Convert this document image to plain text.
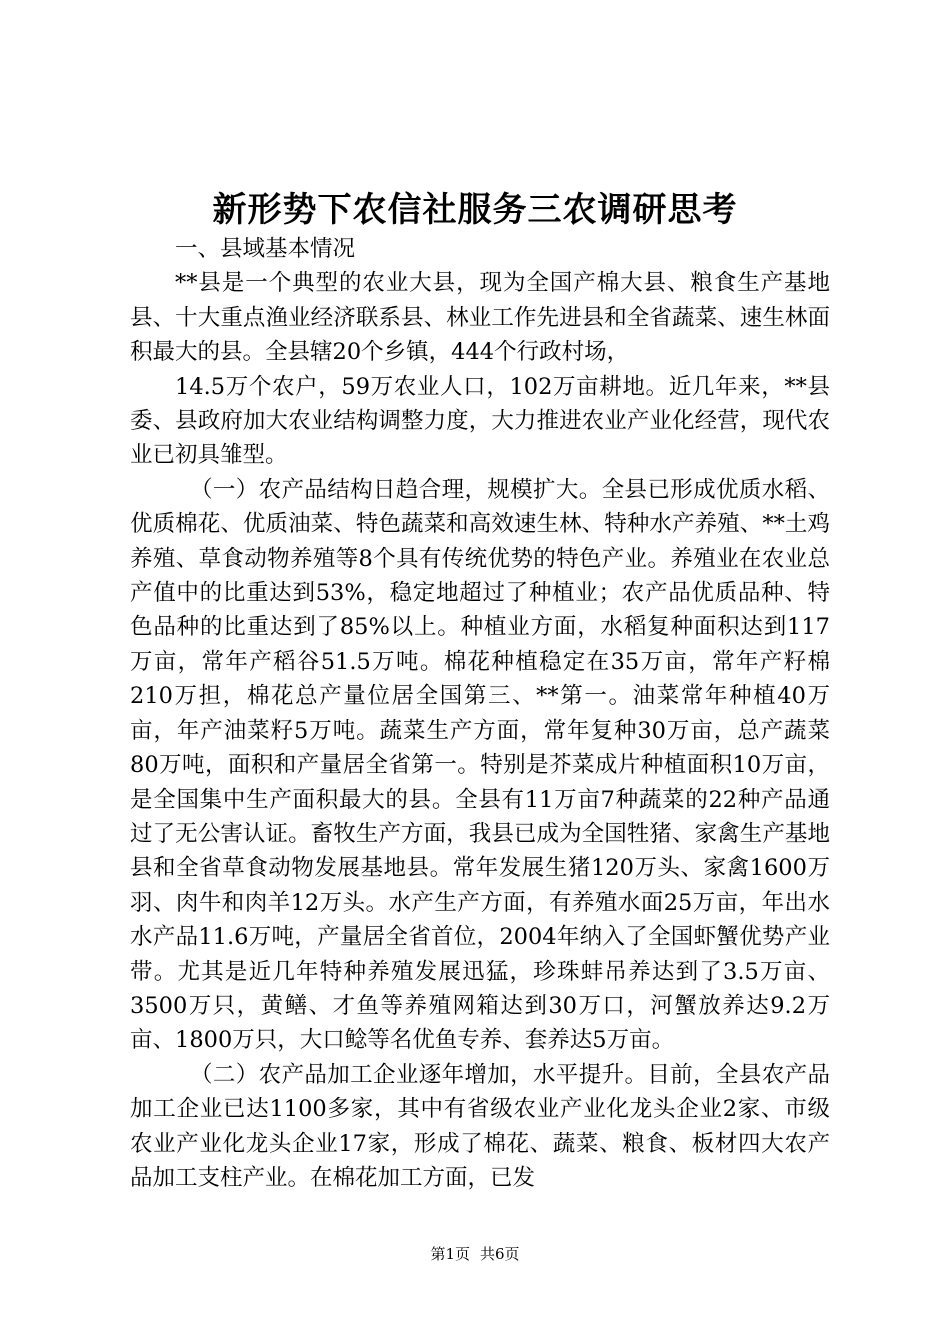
新形势下农信社服务三农调研思考

一、县域基本情况

**县是一个典型的农业大县，现为全国产棉大县、粮食生产基地县、十大重点渔业经济联系县、林业工作先进县和全省蔬菜、速生林面积最大的县。全县辖20个乡镇，444个行政村场，

14.5万个农户，59万农业人口，102万亩耕地。近几年来，**县委、县政府加大农业结构调整力度，大力推进农业产业化经营，现代农业已初具雏型。

（一）农产品结构日趋合理，规模扩大。全县已形成优质水稻、优质棉花、优质油菜、特色蔬菜和高效速生林、特种水产养殖、**土鸡养殖、草食动物养殖等8个具有传统优势的特色产业。养殖业在农业总产值中的比重达到53%，稳定地超过了种植业；农产品优质品种、特色品种的比重达到了85%以上。种植业方面，水稻复种面积达到117万亩，常年产稻谷51.5万吨。棉花种植稳定在35万亩，常年产籽棉210万担，棉花总产量位居全国第三、**第一。油菜常年种植40万亩，年产油菜籽5万吨。蔬菜生产方面，常年复种30万亩，总产蔬菜80万吨，面积和产量居全省第一。特别是芥菜成片种植面积10万亩，是全国集中生产面积最大的县。全县有11万亩7种蔬菜的22种产品通过了无公害认证。畜牧生产方面，我县已成为全国牲猪、家禽生产基地县和全省草食动物发展基地县。常年发展生猪120万头、家禽1600万羽、肉牛和肉羊12万头。水产生产方面，有养殖水面25万亩，年出水水产品11.6万吨，产量居全省首位，2004年纳入了全国虾蟹优势产业带。尤其是近几年特种养殖发展迅猛，珍珠蚌吊养达到了3.5万亩、3500万只，黄鳝、才鱼等养殖网箱达到30万口，河蟹放养达9.2万亩、1800万只，大口鲶等名优鱼专养、套养达5万亩。

（二）农产品加工企业逐年增加，水平提升。目前，全县农产品加工企业已达1100多家，其中有省级农业产业化龙头企业2家、市级农业产业化龙头企业17家，形成了棉花、蔬菜、粮食、板材四大农产品加工支柱产业。在棉花加工方面，已发

第1页 共6页
